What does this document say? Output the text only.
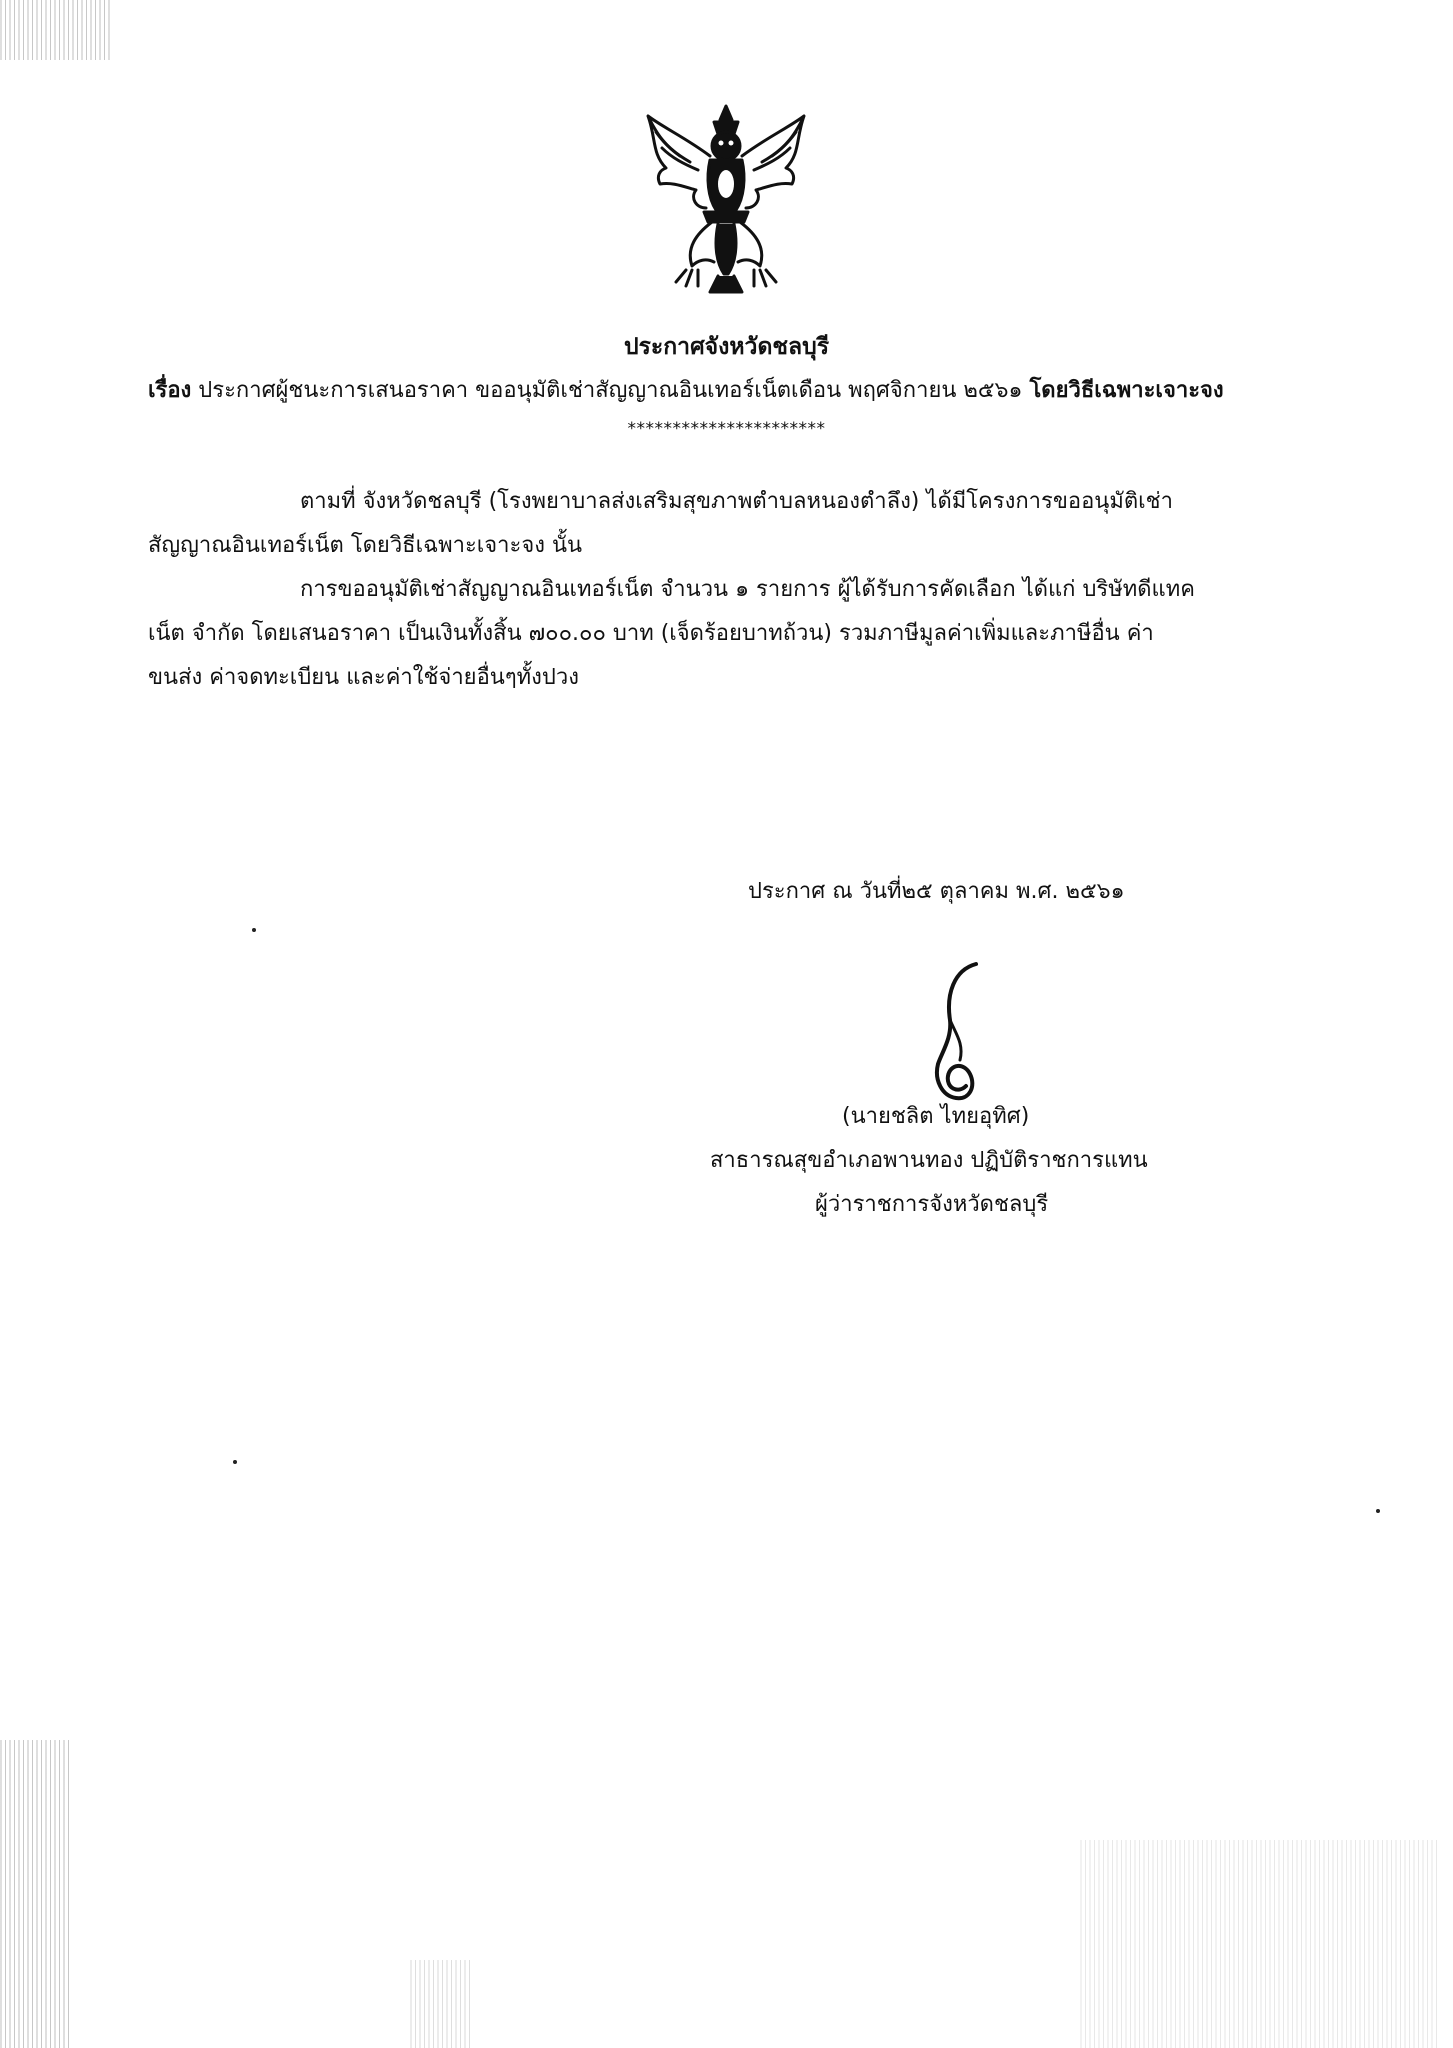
ประกาศจังหวัดชลบุรี

เรื่อง ประกาศผู้ชนะการเสนอราคา ขออนุมัติเช่าสัญญาณอินเทอร์เน็ตเดือน พฤศจิกายน ๒๕๖๑ โดยวิธีเฉพาะเจาะจง

**********************

ตามที่ จังหวัดชลบุรี (โรงพยาบาลส่งเสริมสุขภาพตำบลหนองตำลึง) ได้มีโครงการขออนุมัติเช่า

สัญญาณอินเทอร์เน็ต โดยวิธีเฉพาะเจาะจง นั้น

การขออนุมัติเช่าสัญญาณอินเทอร์เน็ต จำนวน ๑ รายการ ผู้ได้รับการคัดเลือก ได้แก่ บริษัทดีแทค

เน็ต จำกัด โดยเสนอราคา เป็นเงินทั้งสิ้น ๗๐๐.๐๐ บาท (เจ็ดร้อยบาทถ้วน) รวมภาษีมูลค่าเพิ่มและภาษีอื่น ค่า

ขนส่ง ค่าจดทะเบียน และค่าใช้จ่ายอื่นๆทั้งปวง

ประกาศ ณ วันที่๒๕ ตุลาคม พ.ศ. ๒๕๖๑

(นายชลิต ไทยอุทิศ)

สาธารณสุขอำเภอพานทอง ปฏิบัติราชการแทน

ผู้ว่าราชการจังหวัดชลบุรี
